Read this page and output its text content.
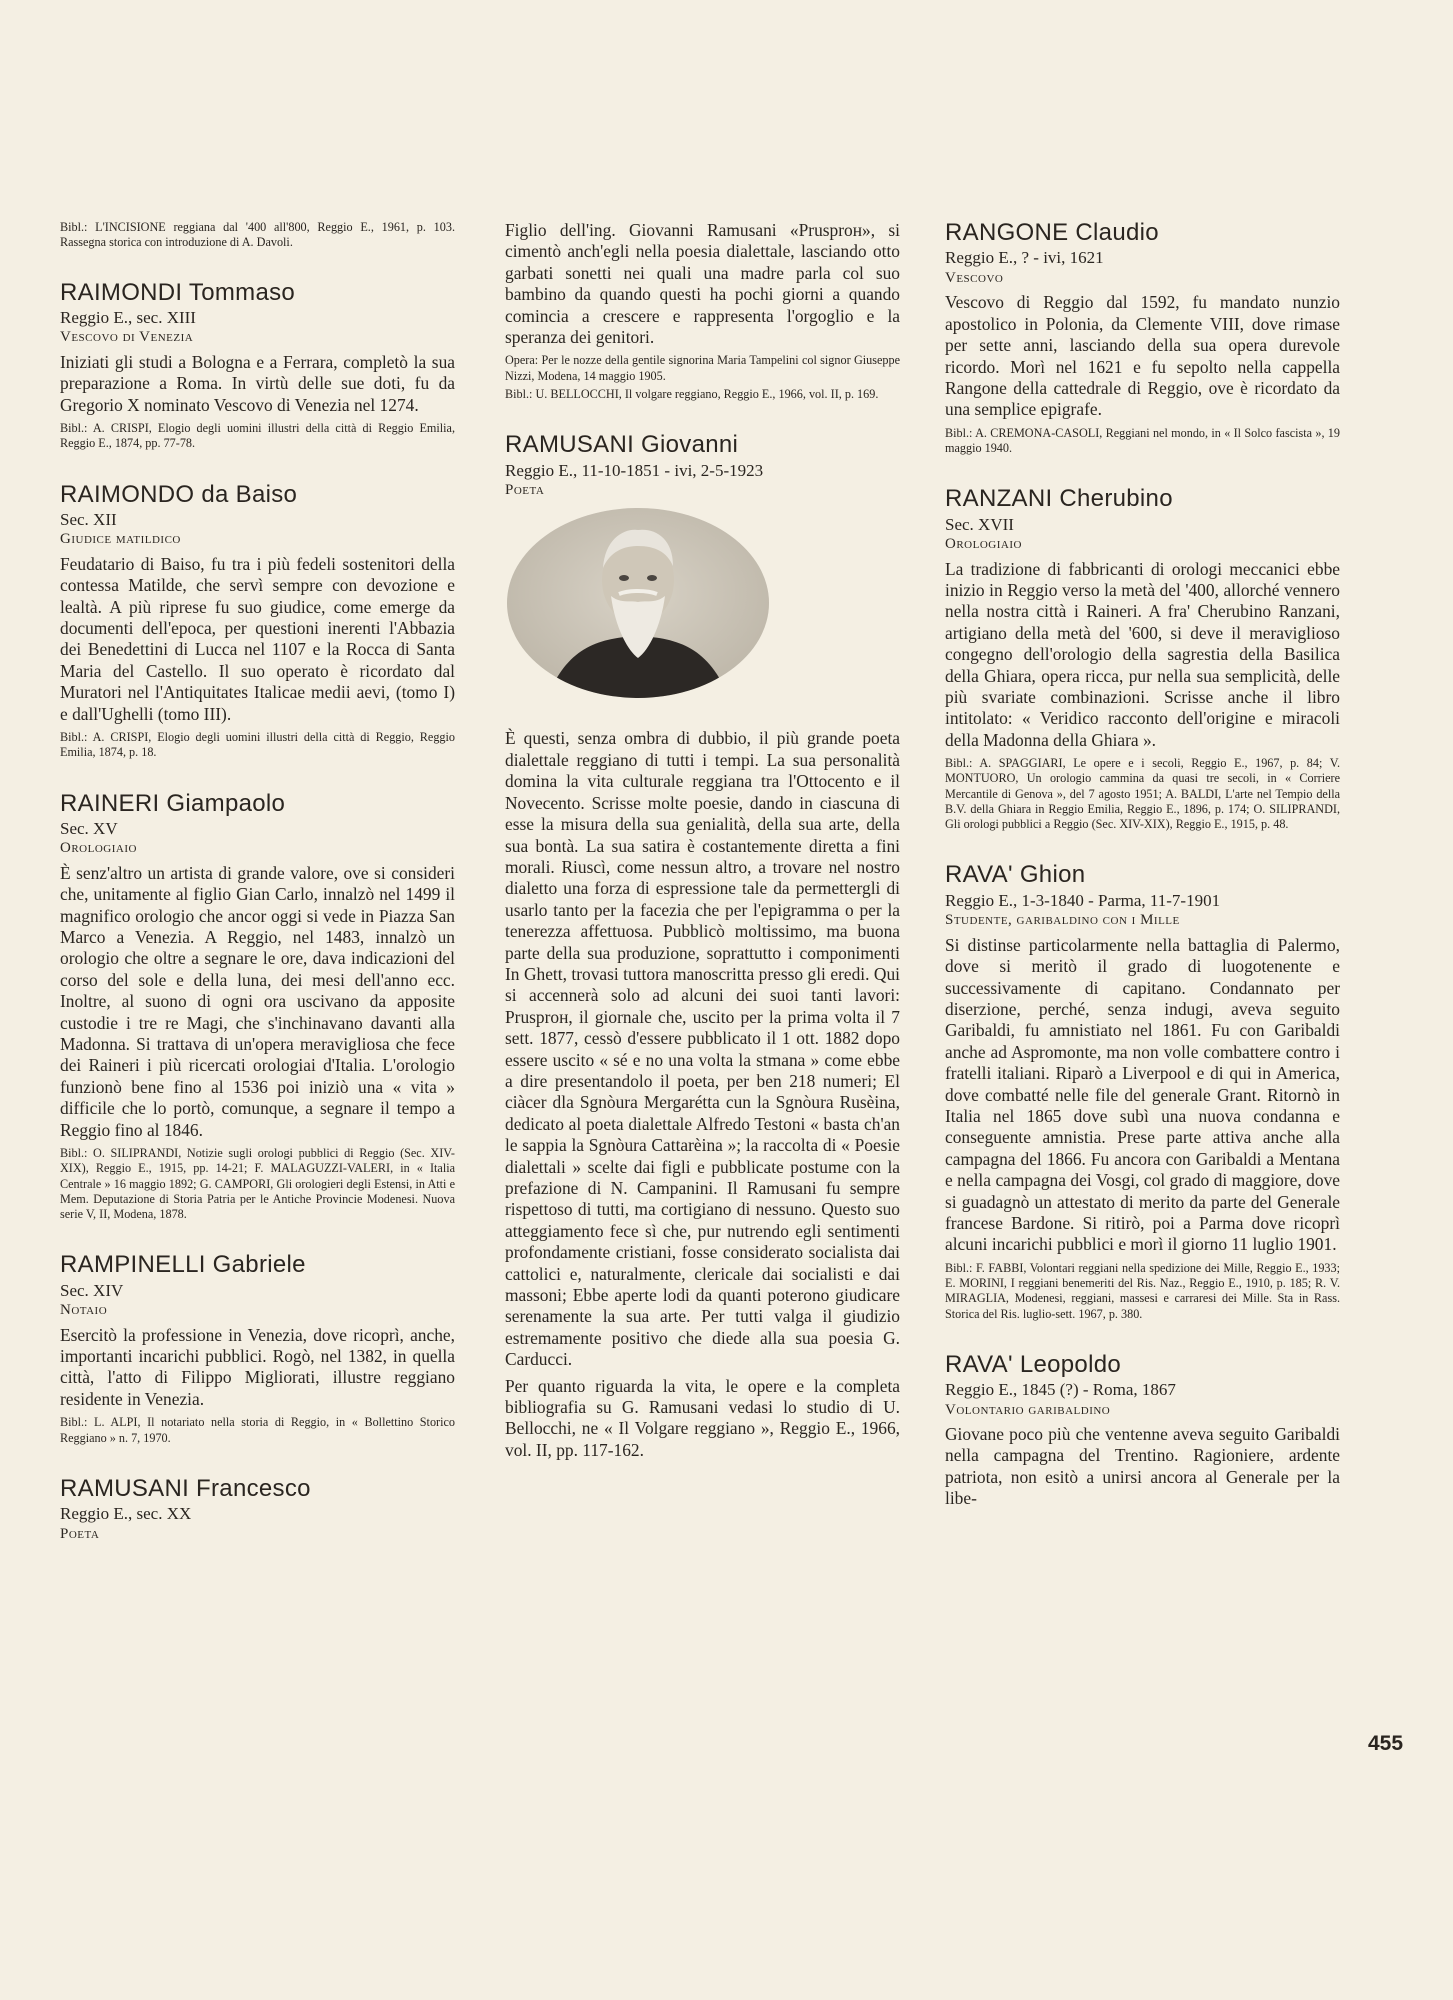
Bibl.: L'INCISIONE reggiana dal '400 all'800, Reggio E., 1961, p. 103. Rassegna storica con introduzione di A. Davoli.

RAIMONDI Tommaso
Reggio E., sec. XIII
Vescovo di Venezia

Iniziati gli studi a Bologna e a Ferrara, completò la sua preparazione a Roma. In virtù delle sue doti, fu da Gregorio X nominato Vescovo di Venezia nel 1274.

Bibl.: A. CRISPI, Elogio degli uomini illustri della città di Reggio Emilia, Reggio E., 1874, pp. 77-78.

RAIMONDO da Baiso
Sec. XII
Giudice matildico

Feudatario di Baiso, fu tra i più fedeli sostenitori della contessa Matilde, che servì sempre con devozione e lealtà. A più riprese fu suo giudice, come emerge da documenti dell'epoca, per questioni inerenti l'Abbazia dei Benedettini di Lucca nel 1107 e la Rocca di Santa Maria del Castello. Il suo operato è ricordato dal Muratori nel l'Antiquitates Italicae medii aevi, (tomo I) e dall'Ughelli (tomo III).

Bibl.: A. CRISPI, Elogio degli uomini illustri della città di Reggio, Reggio Emilia, 1874, p. 18.

RAINERI Giampaolo
Sec. XV
Orologiaio

È senz'altro un artista di grande valore, ove si consideri che, unitamente al figlio Gian Carlo, innalzò nel 1499 il magnifico orologio che ancor oggi si vede in Piazza San Marco a Venezia. A Reggio, nel 1483, innalzò un orologio che oltre a segnare le ore, dava indicazioni del corso del sole e della luna, dei mesi dell'anno ecc. Inoltre, al suono di ogni ora uscivano da apposite custodie i tre re Magi, che s'inchinavano davanti alla Madonna. Si trattava di un'opera meravigliosa che fece dei Raineri i più ricercati orologiai d'Italia. L'orologio funzionò bene fino al 1536 poi iniziò una « vita » difficile che lo portò, comunque, a segnare il tempo a Reggio fino al 1846.

Bibl.: O. SILIPRANDI, Notizie sugli orologi pubblici di Reggio (Sec. XIV-XIX), Reggio E., 1915, pp. 14-21; F. MALAGUZZI-VALERI, in « Italia Centrale » 16 maggio 1892; G. CAMPORI, Gli orologieri degli Estensi, in Atti e Mem. Deputazione di Storia Patria per le Antiche Provincie Modenesi. Nuova serie V, II, Modena, 1878.

RAMPINELLI Gabriele
Sec. XIV
Notaio

Esercitò la professione in Venezia, dove ricoprì, anche, importanti incarichi pubblici. Rogò, nel 1382, in quella città, l'atto di Filippo Migliorati, illustre reggiano residente in Venezia.

Bibl.: L. ALPI, Il notariato nella storia di Reggio, in « Bollettino Storico Reggiano » n. 7, 1970.

RAMUSANI Francesco
Reggio E., sec. XX
Poeta

Figlio dell'ing. Giovanni Ramusani «Prusprон», si cimentò anch'egli nella poesia dialettale, lasciando otto garbati sonetti nei quali una madre parla col suo bambino da quando questi ha pochi giorni a quando comincia a crescere e rappresenta l'orgoglio e la speranza dei genitori.

Opera: Per le nozze della gentile signorina Maria Tampelini col signor Giuseppe Nizzi, Modena, 14 maggio 1905.

Bibl.: U. BELLOCCHI, Il volgare reggiano, Reggio E., 1966, vol. II, p. 169.

RAMUSANI Giovanni
Reggio E., 11-10-1851 - ivi, 2-5-1923
Poeta

È questi, senza ombra di dubbio, il più grande poeta dialettale reggiano di tutti i tempi. La sua personalità domina la vita culturale reggiana tra l'Ottocento e il Novecento. Scrisse molte poesie, dando in ciascuna di esse la misura della sua genialità, della sua arte, della sua bontà. La sua satira è costantemente diretta a fini morali. Riuscì, come nessun altro, a trovare nel nostro dialetto una forza di espressione tale da permettergli di usarlo tanto per la facezia che per l'epigramma o per la tenerezza affettuosa. Pubblicò moltissimo, ma buona parte della sua produzione, soprattutto i componimenti In Ghett, trovasi tuttora manoscritta presso gli eredi. Qui si accennerà solo ad alcuni dei suoi tanti lavori: Prusprон, il giornale che, uscito per la prima volta il 7 sett. 1877, cessò d'essere pubblicato il 1 ott. 1882 dopo essere uscito « sé e no una volta la stmana » come ebbe a dire presentandolo il poeta, per ben 218 numeri; El ciàcer dla Sgnòura Mergarétta cun la Sgnòura Rusèina, dedicato al poeta dialettale Alfredo Testoni « basta ch'an le sappia la Sgnòura Cattarèina »; la raccolta di « Poesie dialettali » scelte dai figli e pubblicate postume con la prefazione di N. Campanini. Il Ramusani fu sempre rispettoso di tutti, ma cortigiano di nessuno. Questo suo atteggiamento fece sì che, pur nutrendo egli sentimenti profondamente cristiani, fosse considerato socialista dai cattolici e, naturalmente, clericale dai socialisti e dai massoni; Ebbe aperte lodi da quanti poterono giudicare serenamente la sua arte. Per tutti valga il giudizio estremamente positivo che diede alla sua poesia G. Carducci.

Per quanto riguarda la vita, le opere e la completa bibliografia su G. Ramusani vedasi lo studio di U. Bellocchi, ne « Il Volgare reggiano », Reggio E., 1966, vol. II, pp. 117-162.

RANGONE Claudio
Reggio E., ? - ivi, 1621
Vescovo

Vescovo di Reggio dal 1592, fu mandato nunzio apostolico in Polonia, da Clemente VIII, dove rimase per sette anni, lasciando della sua opera durevole ricordo. Morì nel 1621 e fu sepolto nella cappella Rangone della cattedrale di Reggio, ove è ricordato da una semplice epigrafe.

Bibl.: A. CREMONA-CASOLI, Reggiani nel mondo, in « Il Solco fascista », 19 maggio 1940.

RANZANI Cherubino
Sec. XVII
Orologiaio

La tradizione di fabbricanti di orologi meccanici ebbe inizio in Reggio verso la metà del '400, allorché vennero nella nostra città i Raineri. A fra' Cherubino Ranzani, artigiano della metà del '600, si deve il meraviglioso congegno dell'orologio della sagrestia della Basilica della Ghiara, opera ricca, pur nella sua semplicità, delle più svariate combinazioni. Scrisse anche il libro intitolato: « Veridico racconto dell'origine e miracoli della Madonna della Ghiara ».

Bibl.: A. SPAGGIARI, Le opere e i secoli, Reggio E., 1967, p. 84; V. MONTUORO, Un orologio cammina da quasi tre secoli, in « Corriere Mercantile di Genova », del 7 agosto 1951; A. BALDI, L'arte nel Tempio della B.V. della Ghiara in Reggio Emilia, Reggio E., 1896, p. 174; O. SILIPRANDI, Gli orologi pubblici a Reggio (Sec. XIV-XIX), Reggio E., 1915, p. 48.

RAVA' Ghion
Reggio E., 1-3-1840 - Parma, 11-7-1901
Studente, garibaldino con i Mille

Si distinse particolarmente nella battaglia di Palermo, dove si meritò il grado di luogotenente e successivamente di capitano. Condannato per diserzione, perché, senza indugi, aveva seguito Garibaldi, fu amnistiato nel 1861. Fu con Garibaldi anche ad Aspromonte, ma non volle combattere contro i fratelli italiani. Riparò a Liverpool e di qui in America, dove combatté nelle file del generale Grant. Ritornò in Italia nel 1865 dove subì una nuova condanna e conseguente amnistia. Prese parte attiva anche alla campagna del 1866. Fu ancora con Garibaldi a Mentana e nella campagna dei Vosgi, col grado di maggiore, dove si guadagnò un attestato di merito da parte del Generale francese Bardone. Si ritirò, poi a Parma dove ricoprì alcuni incarichi pubblici e morì il giorno 11 luglio 1901.

Bibl.: F. FABBI, Volontari reggiani nella spedizione dei Mille, Reggio E., 1933; E. MORINI, I reggiani benemeriti del Ris. Naz., Reggio E., 1910, p. 185; R. V. MIRAGLIA, Modenesi, reggiani, massesi e carraresi dei Mille. Sta in Rass. Storica del Ris. luglio-sett. 1967, p. 380.

RAVA' Leopoldo
Reggio E., 1845 (?) - Roma, 1867
Volontario garibaldino

Giovane poco più che ventenne aveva seguito Garibaldi nella campagna del Trentino. Ragioniere, ardente patriota, non esitò a unirsi ancora al Generale per la libe-

455
